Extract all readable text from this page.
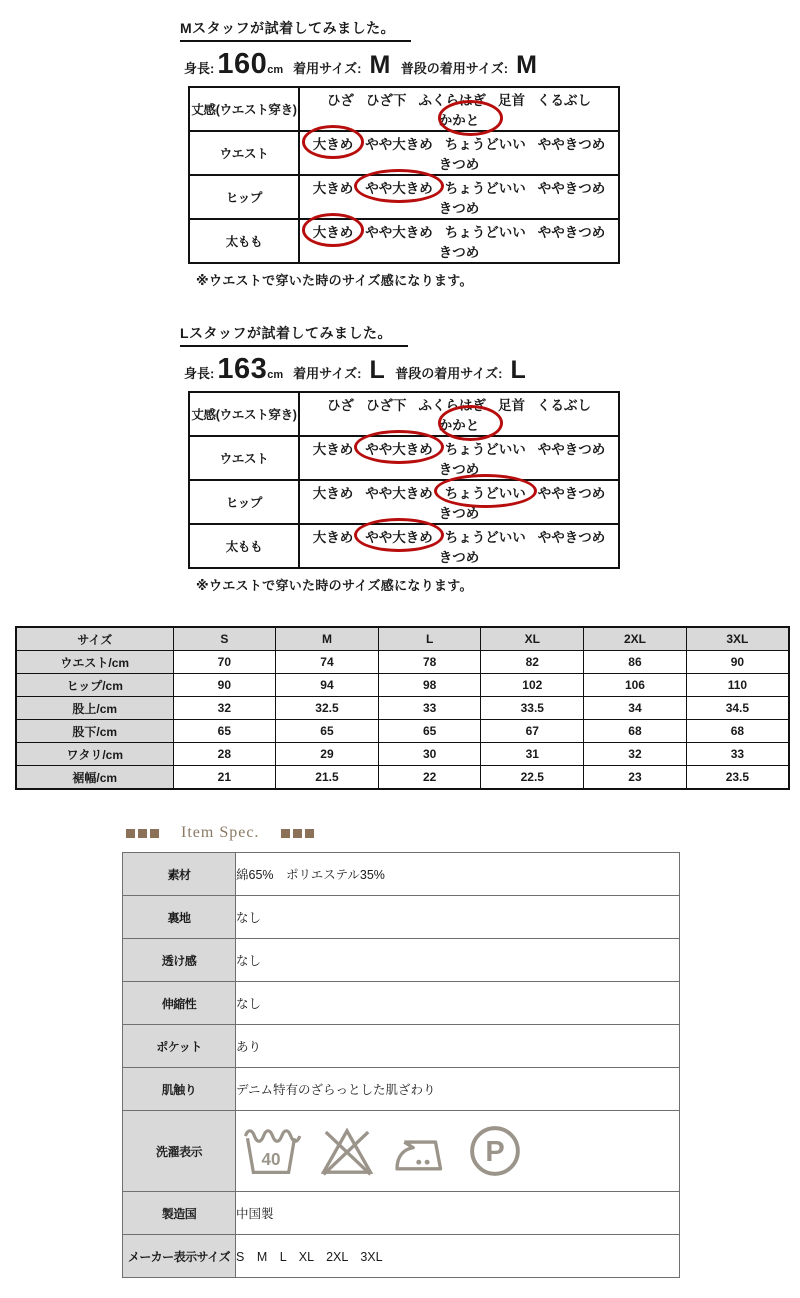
Mスタッフが試着してみました。
身長: 160 cm 着用サイズ: M 普段の着用サイズ: M
丈感(ウエスト穿き)	ひざ ひざ下 ふくらはぎ 足首 くるぶしかかと
ウエスト	大きめ やや大きめ ちょうどいい ややきつめきつめ
ヒップ	大きめ やや大きめ ちょうどいい ややきつめきつめ
太もも	大きめ やや大きめ ちょうどいい ややきつめきつめ
※ウエストで穿いた時のサイズ感になります。
Lスタッフが試着してみました。
身長: 163 cm 着用サイズ: L 普段の着用サイズ: L
丈感(ウエスト穿き)	ひざ ひざ下 ふくらはぎ 足首 くるぶしかかと
ウエスト	大きめ やや大きめ ちょうどいい ややきつめきつめ
ヒップ	大きめ やや大きめ ちょうどいい ややきつめきつめ
太もも	大きめ やや大きめ ちょうどいい ややきつめきつめ
※ウエストで穿いた時のサイズ感になります。
サイズ	S	M	L	XL	2XL	3XL
ウエスト/cm	70	74	78	82	86	90
ヒップ/cm	90	94	98	102	106	110
股上/cm	32	32.5	33	33.5	34	34.5
股下/cm	65	65	65	67	68	68
ワタリ/cm	28	29	30	31	32	33
裾幅/cm	21	21.5	22	22.5	23	23.5
Item Spec.
素材	綿65%　ポリエステル35%
裏地	なし
透け感	なし
伸縮性	なし
ポケット	あり
肌触り	デニム特有のざらっとした肌ざわり
洗濯表示	40 P

製造国	中国製
メーカー表示サイズ	S　M　L　XL　2XL　3XL
